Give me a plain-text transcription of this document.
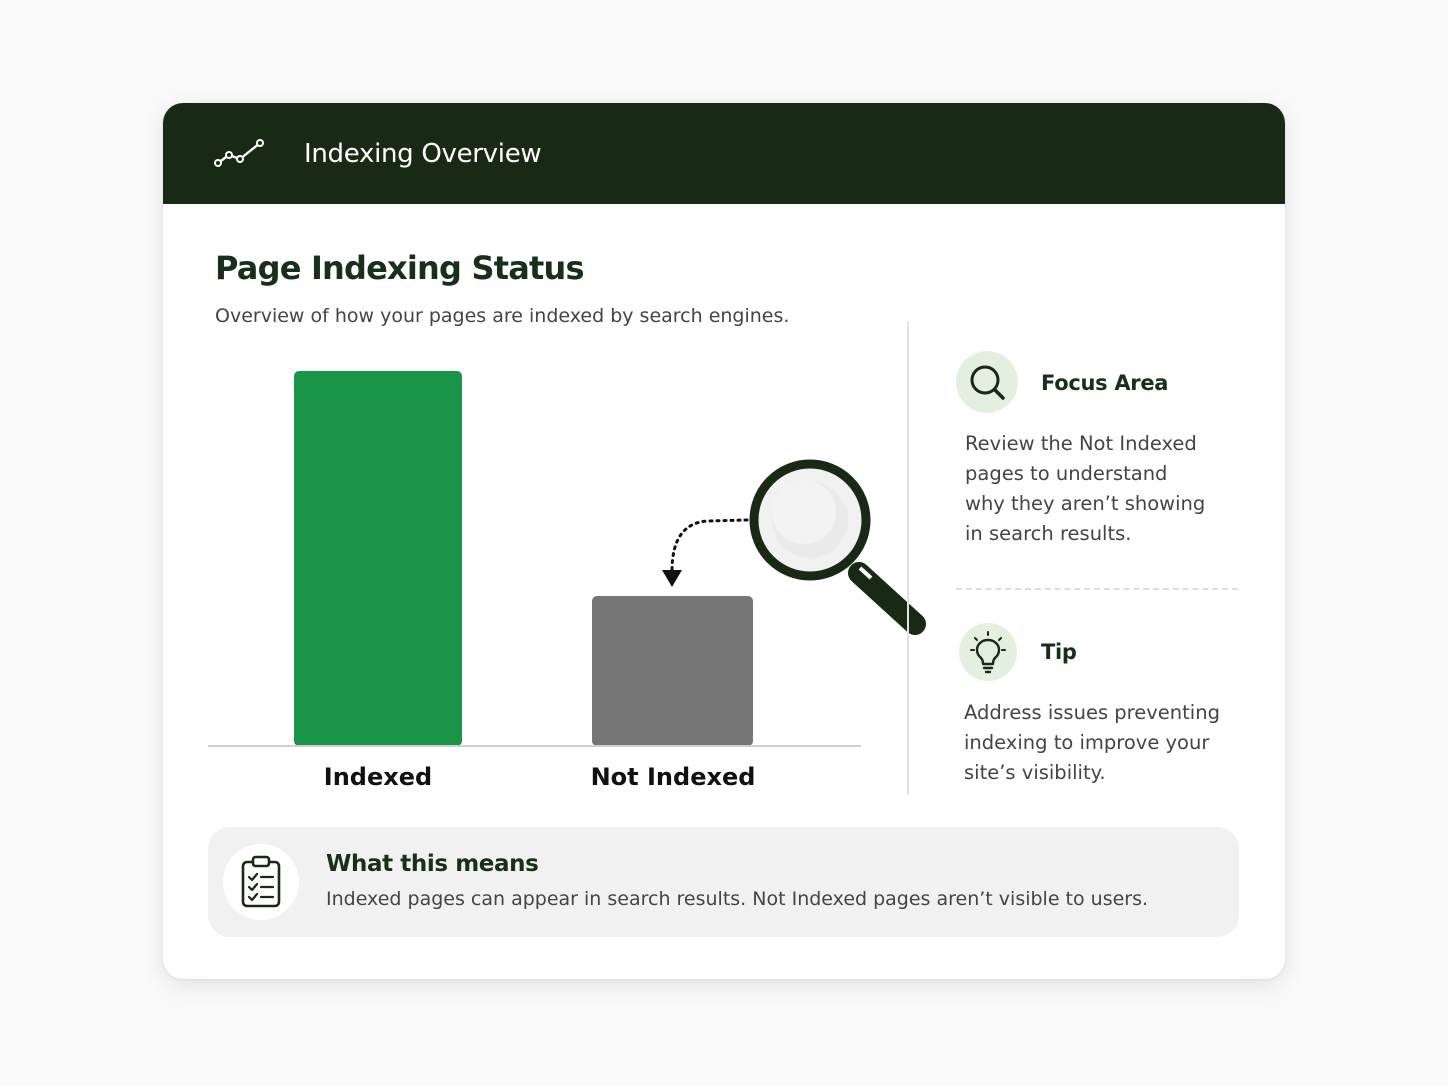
Indexing Overview
Page Indexing Status
Overview of how your pages are indexed by search engines.
Indexed	Not Indexed
Focus Area
Review the Not Indexed
pages to understand
why they aren’t showing
in search results.
Tip
Address issues preventing
indexing to improve your
site’s visibility.
What this means
Indexed pages can appear in search results. Not Indexed pages aren’t visible to users.
